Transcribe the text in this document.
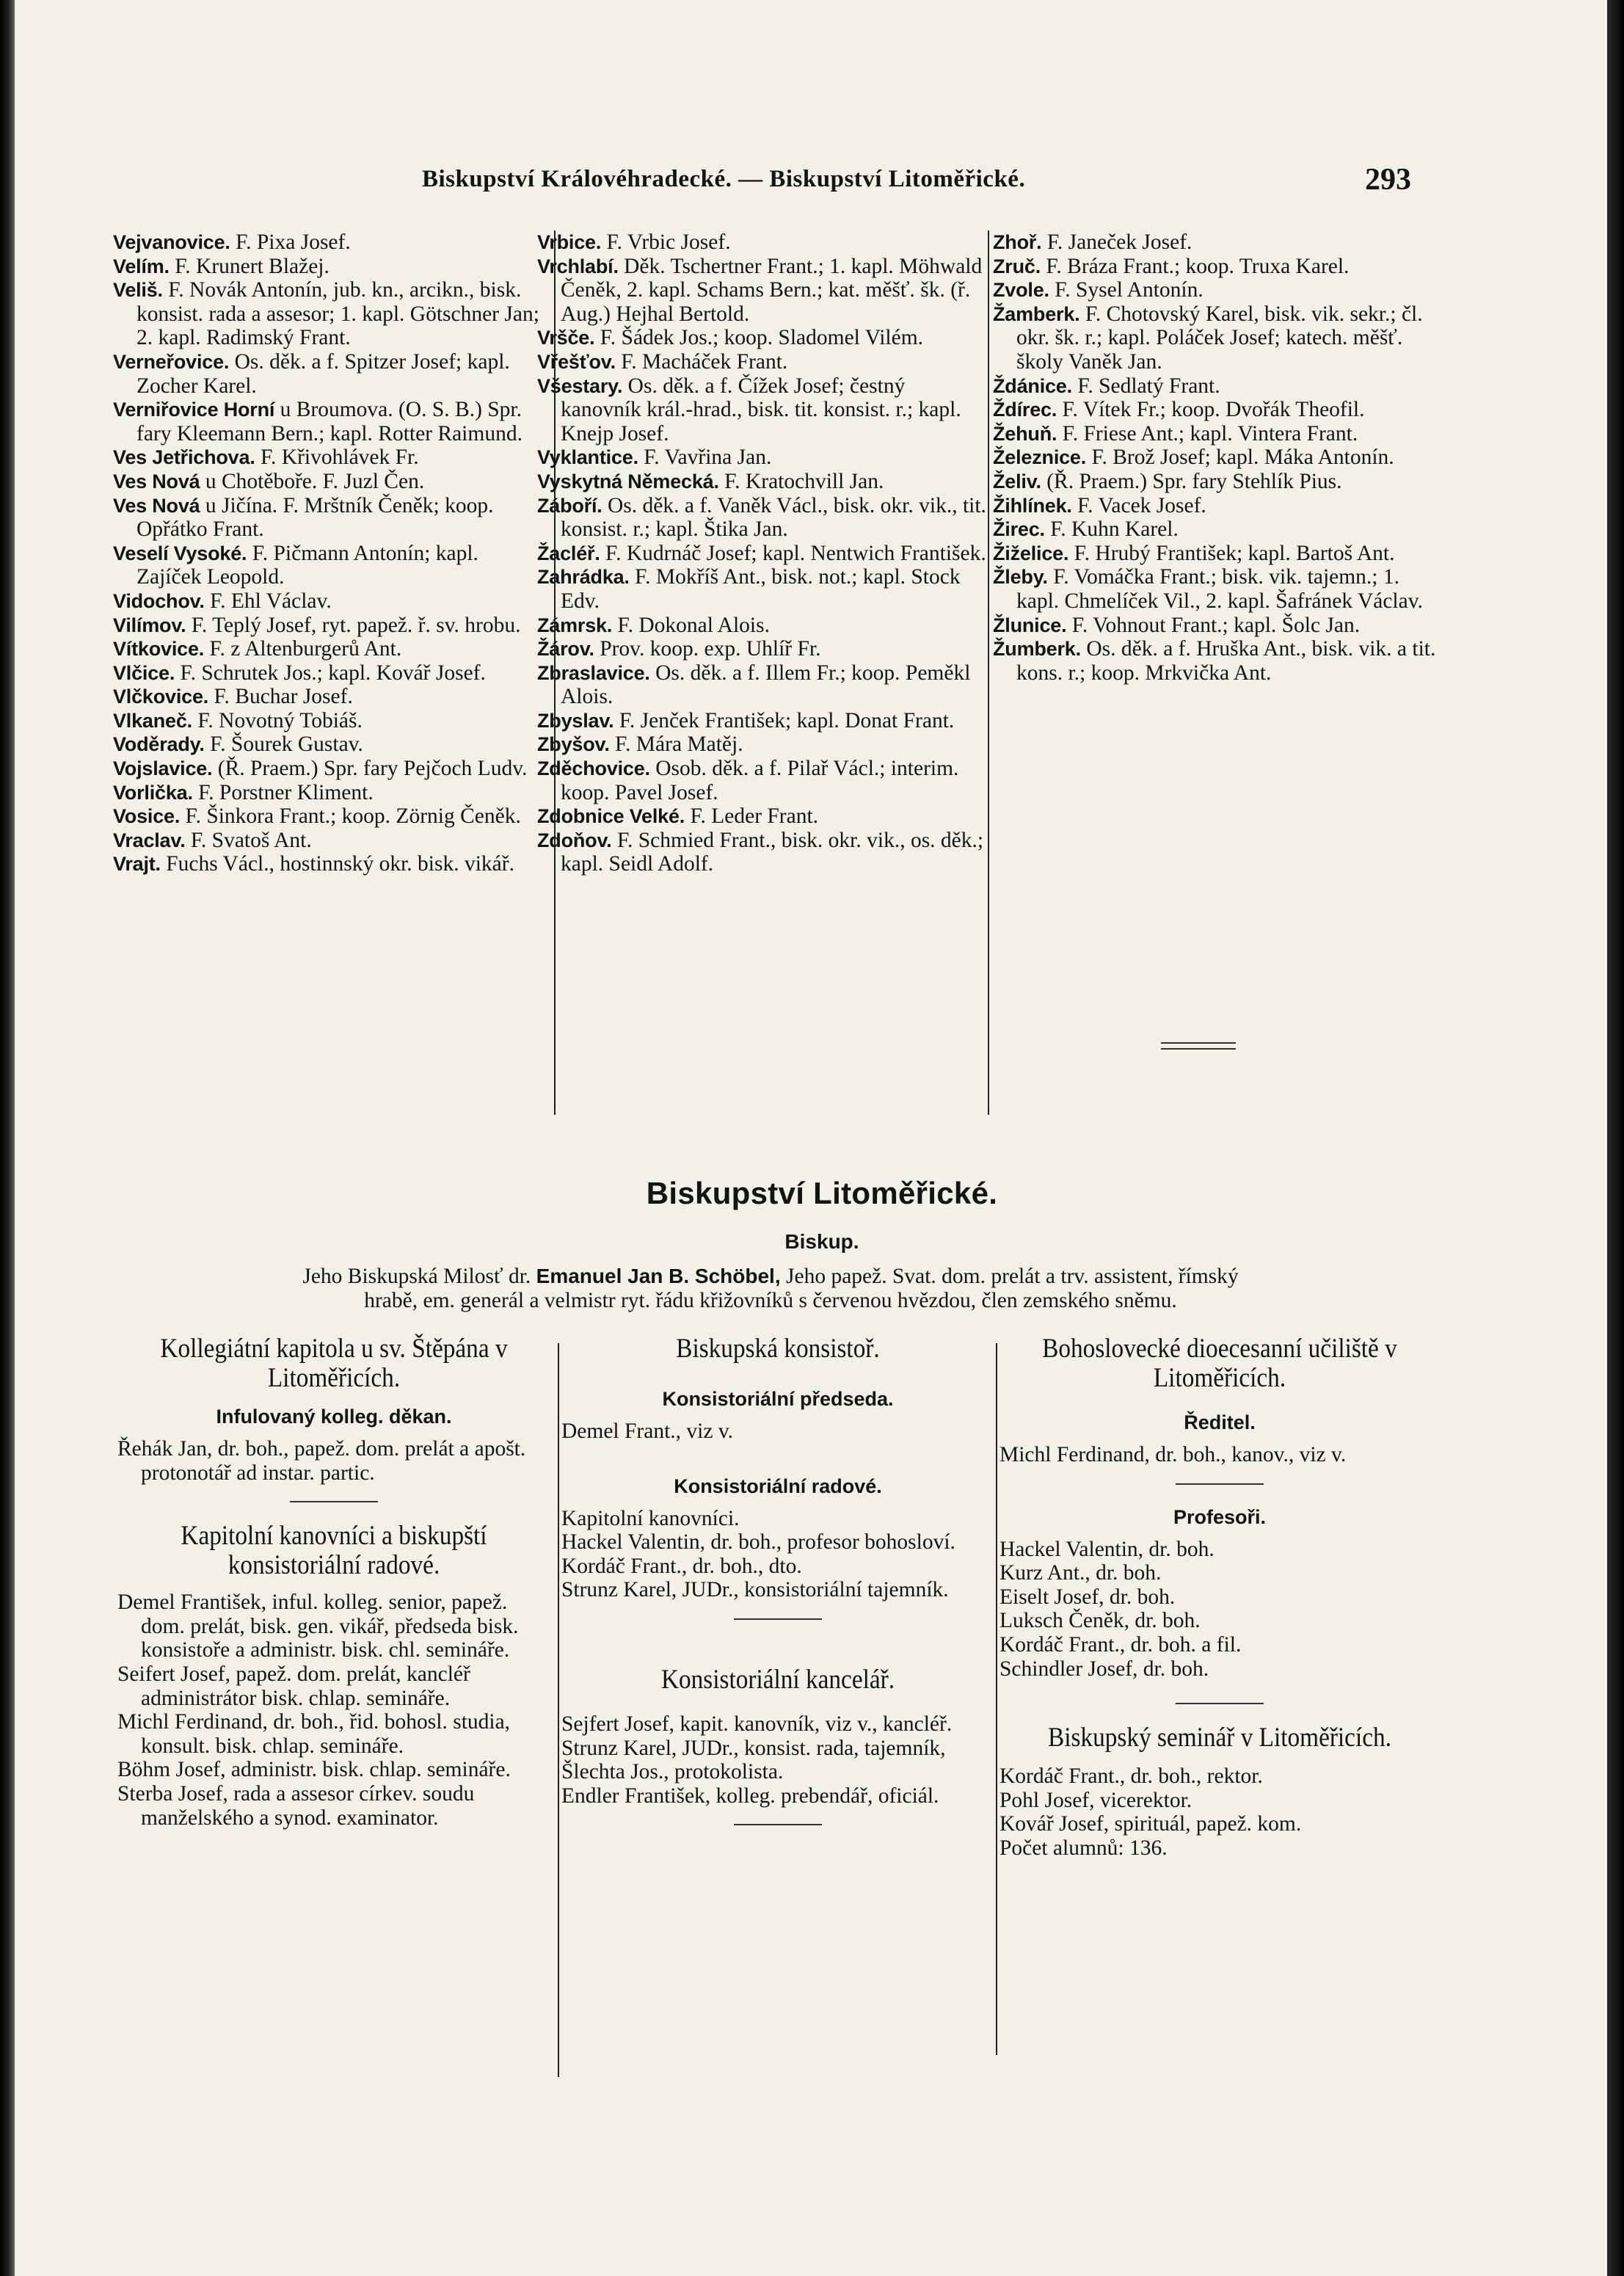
Biskupství Královéhradecké. — Biskupství Litoměřické.	293

Vejvanovice. F. Pixa Josef.

Velím. F. Krunert Blažej.

Veliš. F. Novák Antonín, jub. kn., arcikn., bisk. konsist. rada a assesor; 1. kapl. Götschner Jan; 2. kapl. Radimský Frant.

Verneřovice. Os. děk. a f. Spitzer Josef; kapl. Zocher Karel.

Verniřovice Horní u Broumova. (O. S. B.) Spr. fary Kleemann Bern.; kapl. Rotter Raimund.

Ves Jetřichova. F. Křivohlávek Fr.

Ves Nová u Chotěboře. F. Juzl Čen.

Ves Nová u Jičína. F. Mrštník Čeněk; koop. Opřátko Frant.

Veselí Vysoké. F. Pičmann Antonín; kapl. Zajíček Leopold.

Vidochov. F. Ehl Václav.

Vilímov. F. Teplý Josef, ryt. papež. ř. sv. hrobu.

Vítkovice. F. z Altenburgerů Ant.

Vlčice. F. Schrutek Jos.; kapl. Kovář Josef.

Vlčkovice. F. Buchar Josef.

Vlkaneč. F. Novotný Tobiáš.

Voděrady. F. Šourek Gustav.

Vojslavice. (Ř. Praem.) Spr. fary Pejčoch Ludv.

Vorlička. F. Porstner Kliment.

Vosice. F. Šinkora Frant.; koop. Zörnig Čeněk.

Vraclav. F. Svatoš Ant.

Vrajt. Fuchs Václ., hostinnský okr. bisk. vikář.

Vrbice. F. Vrbic Josef.

Vrchlabí. Děk. Tschertner Frant.; 1. kapl. Möhwald Čeněk, 2. kapl. Schams Bern.; kat. měšť. šk. (ř. Aug.) Hejhal Bertold.

Vršče. F. Šádek Jos.; koop. Sladomel Vilém.

Vřešťov. F. Macháček Frant.

Všestary. Os. děk. a f. Čížek Josef; čestný kanovník král.-hrad., bisk. tit. konsist. r.; kapl. Knejp Josef.

Vyklantice. F. Vavřina Jan.

Vyskytná Německá. F. Kratochvill Jan.

Záboří. Os. děk. a f. Vaněk Václ., bisk. okr. vik., tit. konsist. r.; kapl. Štika Jan.

Žacléř. F. Kudrnáč Josef; kapl. Nentwich František.

Zahrádka. F. Mokříš Ant., bisk. not.; kapl. Stock Edv.

Zámrsk. F. Dokonal Alois.

Žárov. Prov. koop. exp. Uhlíř Fr.

Zbraslavice. Os. děk. a f. Illem Fr.; koop. Peměkl Alois.

Zbyslav. F. Jenček František; kapl. Donat Frant.

Zbyšov. F. Mára Matěj.

Zděchovice. Osob. děk. a f. Pilař Václ.; interim. koop. Pavel Josef.

Zdobnice Velké. F. Leder Frant.

Zdoňov. F. Schmied Frant., bisk. okr. vik., os. děk.; kapl. Seidl Adolf.

Zhoř. F. Janeček Josef.

Zruč. F. Bráza Frant.; koop. Truxa Karel.

Zvole. F. Sysel Antonín.

Žamberk. F. Chotovský Karel, bisk. vik. sekr.; čl. okr. šk. r.; kapl. Poláček Josef; katech. měšť. školy Vaněk Jan.

Ždánice. F. Sedlatý Frant.

Ždírec. F. Vítek Fr.; koop. Dvořák Theofil.

Žehuň. F. Friese Ant.; kapl. Vintera Frant.

Železnice. F. Brož Josef; kapl. Máka Antonín.

Želiv. (Ř. Praem.) Spr. fary Stehlík Pius.

Žihlínek. F. Vacek Josef.

Žirec. F. Kuhn Karel.

Žiželice. F. Hrubý František; kapl. Bartoš Ant.

Žleby. F. Vomáčka Frant.; bisk. vik. tajemn.; 1. kapl. Chmelíček Vil., 2. kapl. Šafránek Václav.

Žlunice. F. Vohnout Frant.; kapl. Šolc Jan.

Žumberk. Os. děk. a f. Hruška Ant., bisk. vik. a tit. kons. r.; koop. Mrkvička Ant.

Biskupství Litoměřické.
Biskup.
Jeho Biskupská Milosť dr. Emanuel Jan B. Schöbel, Jeho papež. Svat. dom. prelát a trv. assistent, římský
hrabě, em. generál a velmistr ryt. řádu křižovníků s červenou hvězdou, člen zemského sněmu.
Kollegiátní kapitola u sv. Štěpána v Litoměřicích.
Infulovaný kolleg. děkan.

Řehák Jan, dr. boh., papež. dom. prelát a apošt. protonotář ad instar. partic.

Kapitolní kanovníci a biskupští konsistoriální radové.

Demel František, inful. kolleg. senior, papež. dom. prelát, bisk. gen. vikář, předseda bisk. konsistoře a administr. bisk. chl. semináře.

Seifert Josef, papež. dom. prelát, kancléř administrátor bisk. chlap. semináře.

Michl Ferdinand, dr. boh., řid. bohosl. studia, konsult. bisk. chlap. semináře.

Böhm Josef, administr. bisk. chlap. semináře.

Sterba Josef, rada a assesor církev. soudu manželského a synod. examinator.

Biskupská konsistoř.
Konsistoriální předseda.

Demel Frant., viz v.

Konsistoriální radové.

Kapitolní kanovníci.

Hackel Valentin, dr. boh., profesor bohosloví.

Kordáč Frant., dr. boh., dto.

Strunz Karel, JUDr., konsistoriální tajemník.

Konsistoriální kancelář.

Sejfert Josef, kapit. kanovník, viz v., kancléř.

Strunz Karel, JUDr., konsist. rada, tajemník,

Šlechta Jos., protokolista.

Endler František, kolleg. prebendář, oficiál.

Bohoslovecké dioecesanní učiliště v Litoměřicích.
Ředitel.

Michl Ferdinand, dr. boh., kanov., viz v.

Profesoři.

Hackel Valentin, dr. boh.

Kurz Ant., dr. boh.

Eiselt Josef, dr. boh.

Luksch Čeněk, dr. boh.

Kordáč Frant., dr. boh. a fil.

Schindler Josef, dr. boh.

Biskupský seminář v Litoměřicích.

Kordáč Frant., dr. boh., rektor.

Pohl Josef, vicerektor.

Kovář Josef, spirituál, papež. kom.

Počet alumnů: 136.
